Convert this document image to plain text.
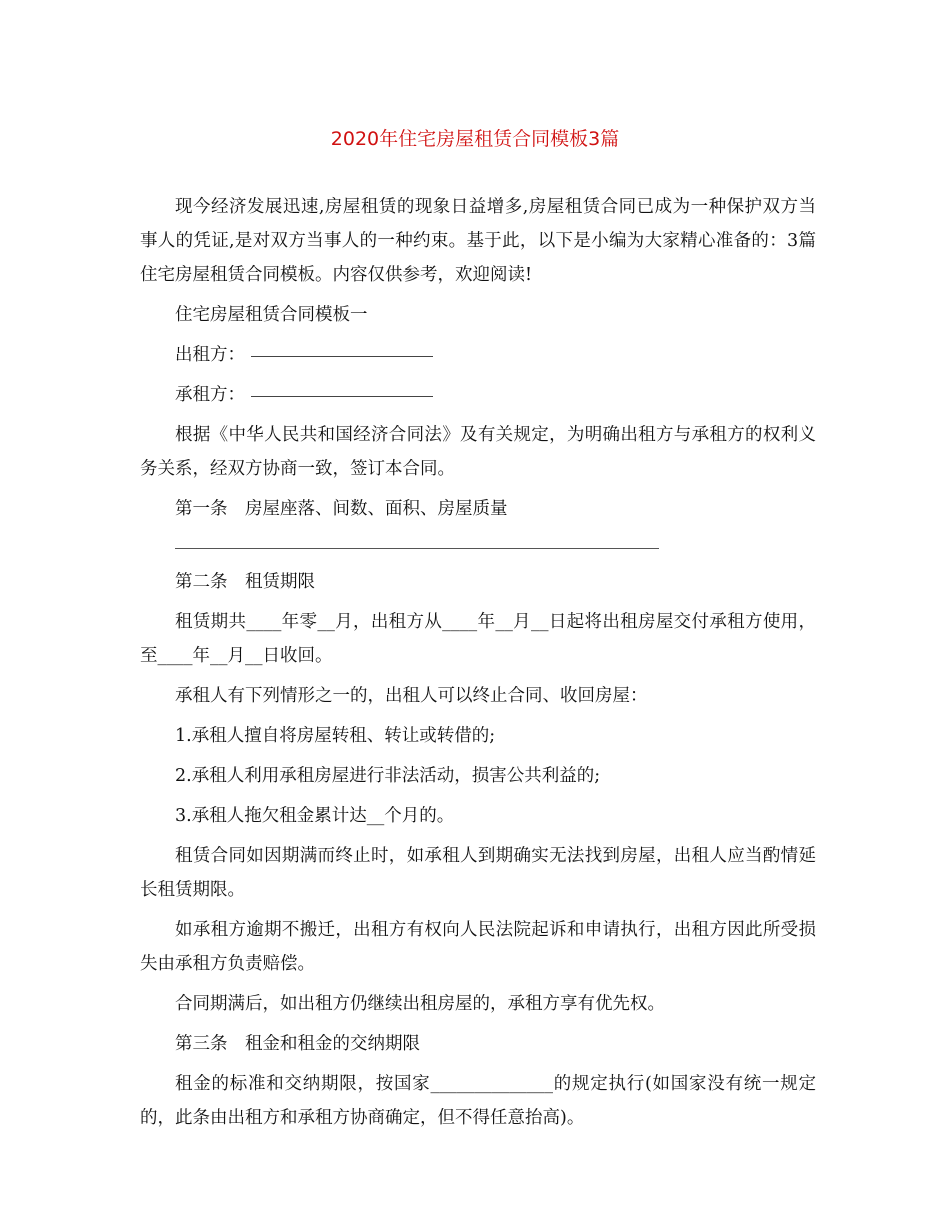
2020年住宅房屋租赁合同模板3篇

现今经济发展迅速,房屋租赁的现象日益增多,房屋租赁合同已成为一种保护双方当事人的凭证,是对双方当事人的一种约束。基于此，以下是小编为大家精心准备的：3篇住宅房屋租赁合同模板。内容仅供参考，欢迎阅读!

住宅房屋租赁合同模板一

出租方：

承租方：

根据《中华人民共和国经济合同法》及有关规定，为明确出租方与承租方的权利义务关系，经双方协商一致，签订本合同。

第一条　房屋座落、间数、面积、房屋质量

第二条　租赁期限

租赁期共____年零__月，出租方从____年__月__日起将出租房屋交付承租方使用，至____年__月__日收回。

承租人有下列情形之一的，出租人可以终止合同、收回房屋：

1.承租人擅自将房屋转租、转让或转借的;

2.承租人利用承租房屋进行非法活动，损害公共利益的;

3.承租人拖欠租金累计达__个月的。

租赁合同如因期满而终止时，如承租人到期确实无法找到房屋，出租人应当酌情延长租赁期限。

如承租方逾期不搬迁，出租方有权向人民法院起诉和申请执行，出租方因此所受损失由承租方负责赔偿。

合同期满后，如出租方仍继续出租房屋的，承租方享有优先权。

第三条　租金和租金的交纳期限

租金的标准和交纳期限，按国家______________的规定执行(如国家没有统一规定的，此条由出租方和承租方协商确定，但不得任意抬高)。
